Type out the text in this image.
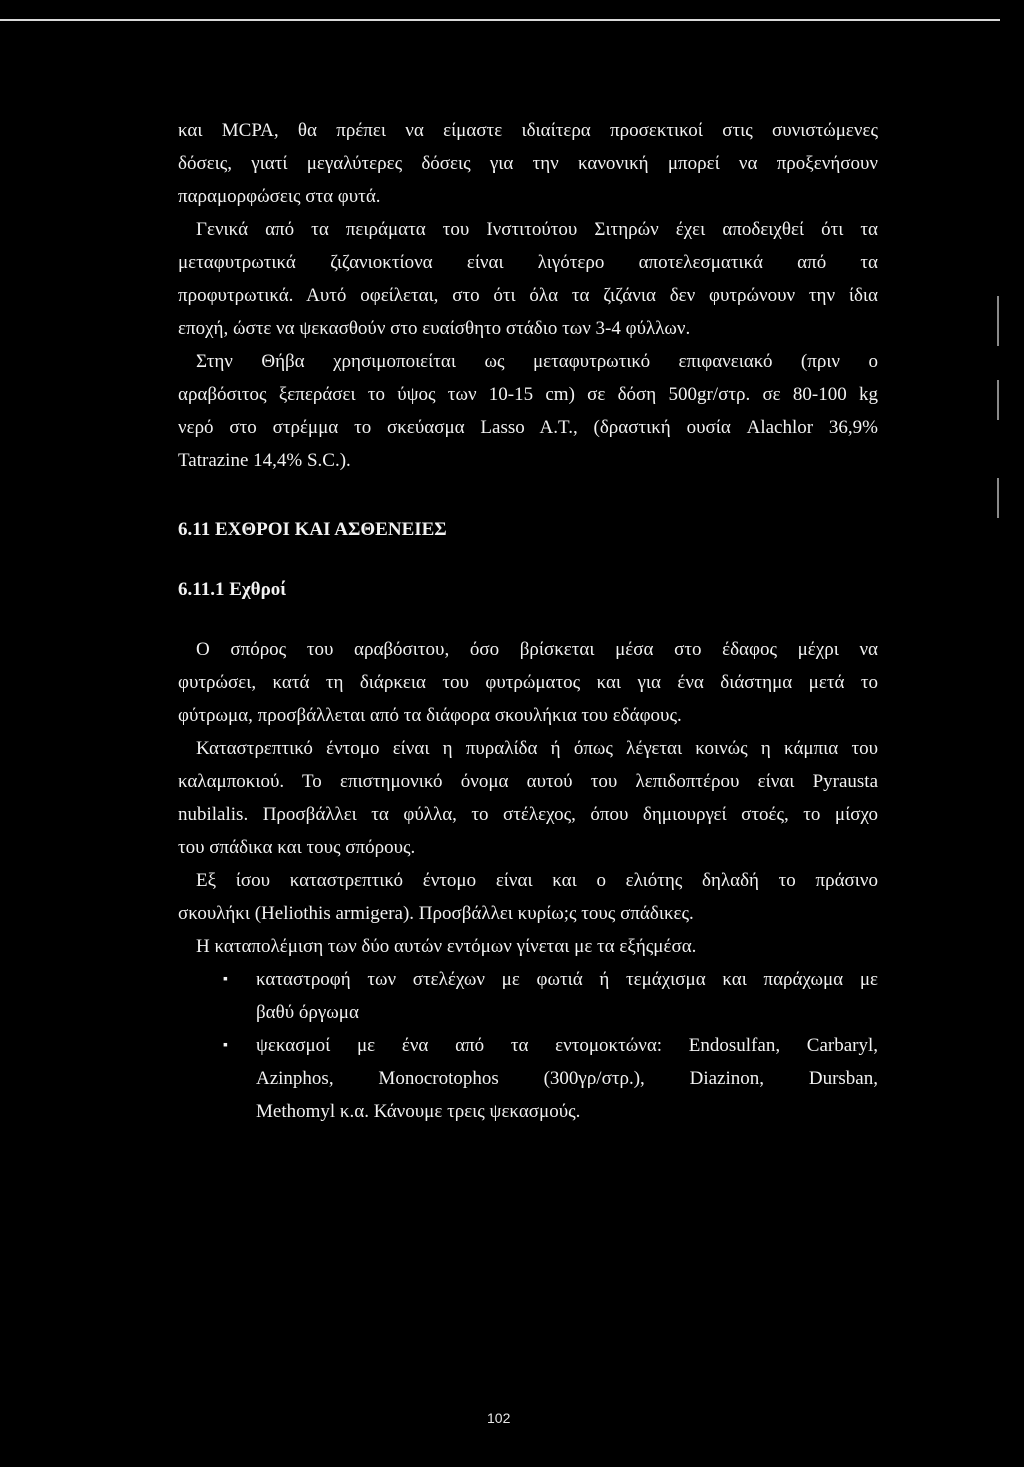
και MCPA, θα πρέπει να είμαστε ιδιαίτερα προσεκτικοί στις συνιστώμενες
δόσεις, γιατί μεγαλύτερες δόσεις για την κανονική μπορεί να προξενήσουν
παραμορφώσεις στα φυτά.
Γενικά από τα πειράματα του Ινστιτούτου Σιτηρών έχει αποδειχθεί ότι τα
μεταφυτρωτικά ζιζανιοκτίονα είναι λιγότερο αποτελεσματικά από τα
προφυτρωτικά. Αυτό οφείλεται, στο ότι όλα τα ζιζάνια δεν φυτρώνουν την ίδια
εποχή, ώστε να ψεκασθούν στο ευαίσθητο στάδιο των 3-4 φύλλων.
Στην Θήβα χρησιμοποιείται ως μεταφυτρωτικό επιφανειακό (πριν ο
αραβόσιτος ξεπεράσει το ύψος των 10-15 cm) σε δόση 500gr/στρ. σε 80-100 kg
νερό στο στρέμμα το σκεύασμα Lasso A.T., (δραστική ουσία Alachlor 36,9%
Tatrazine 14,4% S.C.).
6.11 ΕΧΘΡΟΙ ΚΑΙ ΑΣΘΕΝΕΙΕΣ
6.11.1 Εχθροί
Ο σπόρος του αραβόσιτου, όσο βρίσκεται μέσα στο έδαφος μέχρι να
φυτρώσει, κατά τη διάρκεια του φυτρώματος και για ένα διάστημα μετά το
φύτρωμα, προσβάλλεται από τα διάφορα σκουλήκια του εδάφους.
Καταστρεπτικό έντομο είναι η πυραλίδα ή όπως λέγεται κοινώς η κάμπια του
καλαμποκιού. Το επιστημονικό όνομα αυτού του λεπιδοπτέρου είναι Pyrausta
nubilalis. Προσβάλλει τα φύλλα, το στέλεχος, όπου δημιουργεί στοές, το μίσχο
του σπάδικα και τους σπόρους.
Εξ ίσου καταστρεπτικό έντομο είναι και ο ελιότης δηλαδή το πράσινο
σκουλήκι (Heliothis armigera). Προσβάλλει κυρίω;ς τους σπάδικες.
Η καταπολέμιση των δύο αυτών εντόμων γίνεται με τα εξήςμέσα.
▪ καταστροφή των στελέχων με φωτιά ή τεμάχισμα και παράχωμα με
βαθύ όργωμα
▪ ψεκασμοί με ένα από τα εντομοκτώνα: Endosulfan, Carbaryl,
Azinphos, Monocrotophos (300γρ/στρ.), Diazinon, Dursban,
Methomyl κ.α. Κάνουμε τρεις ψεκασμούς.
102
